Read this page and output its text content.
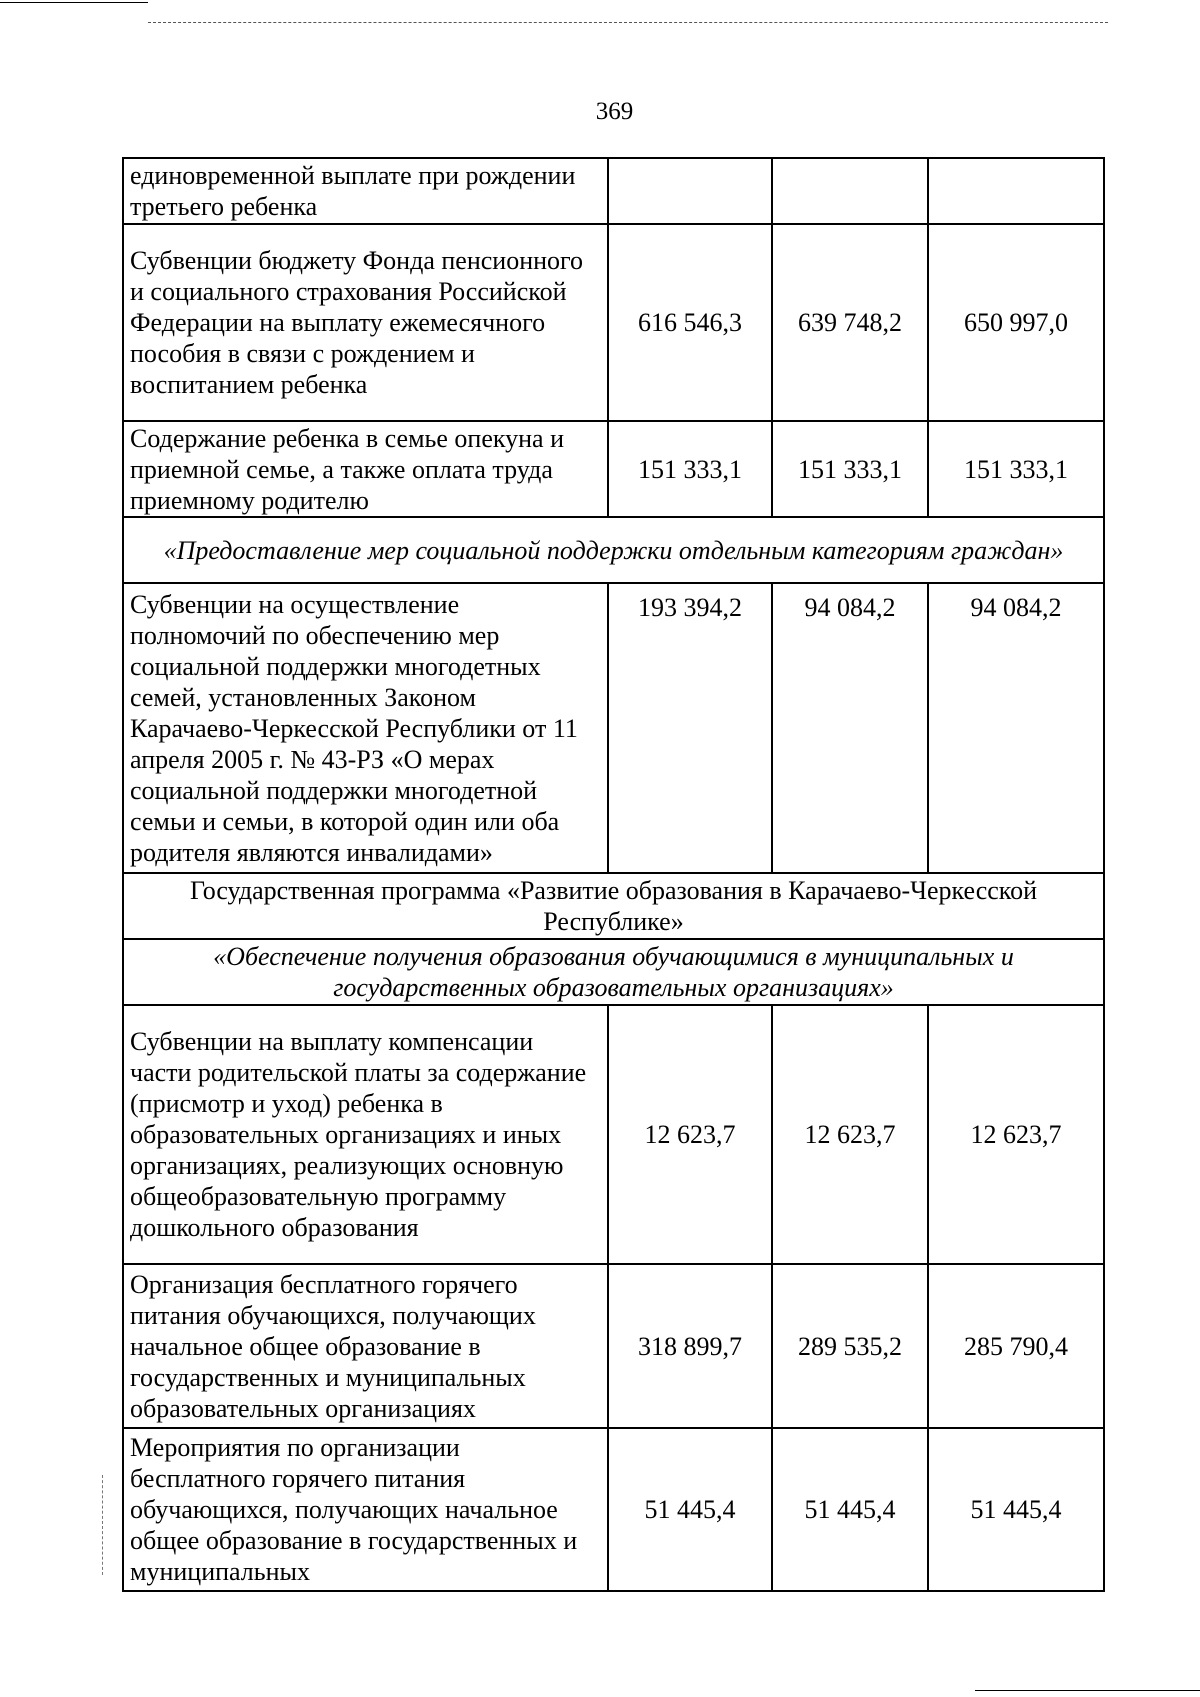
369
единовременной выплате при рождении третьего ребенка			
Субвенции бюджету Фонда пенсионного и социального страхования Российской Федерации на выплату ежемесячного пособия в связи с рождением и воспитанием ребенка	616 546,3	639 748,2	650 997,0
Содержание ребенка в семье опекуна и приемной семье, а также оплата труда приемному родителю	151 333,1	151 333,1	151 333,1
«Предоставление мер социальной поддержки отдельным категориям граждан»			
Субвенции на осуществление полномочий по обеспечению мер социальной поддержки многодетных семей, установленных Законом Карачаево-Черкесской Республики от 11 апреля 2005 г. № 43-РЗ «О мерах социальной поддержки многодетной семьи и семьи, в которой один или оба родителя являются инвалидами»	193 394,2	94 084,2	94 084,2
Государственная программа «Развитие образования в Карачаево-Черкесской Республике»			
«Обеспечение получения образования обучающимися в муниципальных и государственных образовательных организациях»			
Субвенции на выплату компенсации части родительской платы за содержание (присмотр и уход) ребенка в образовательных организациях и иных организациях, реализующих основную общеобразовательную программу дошкольного образования	12 623,7	12 623,7	12 623,7
Организация бесплатного горячего питания обучающихся, получающих начальное общее образование в государственных и муниципальных образовательных организациях	318 899,7	289 535,2	285 790,4
Мероприятия по организации бесплатного горячего питания обучающихся, получающих начальное общее образование в государственных и муниципальных	51 445,4	51 445,4	51 445,4
